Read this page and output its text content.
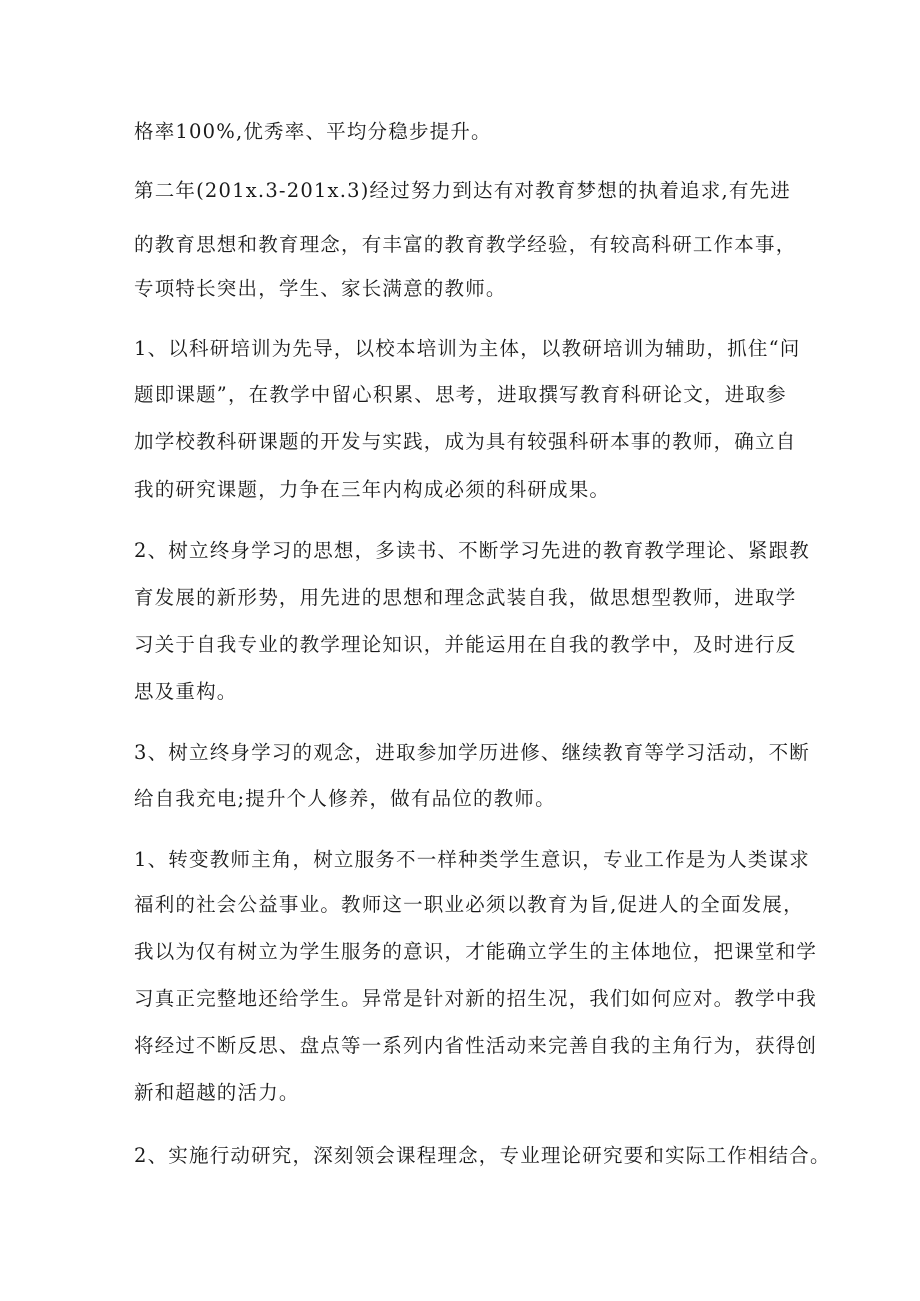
格率100%,优秀率、平均分稳步提升。
第二年(201x.3-201x.3)经过努力到达有对教育梦想的执着追求,有先进
的教育思想和教育理念，有丰富的教育教学经验，有较高科研工作本事，
专项特长突出，学生、家长满意的教师。
1、以科研培训为先导，以校本培训为主体，以教研培训为辅助，抓住“问
题即课题”，在教学中留心积累、思考，进取撰写教育科研论文，进取参
加学校教科研课题的开发与实践，成为具有较强科研本事的教师，确立自
我的研究课题，力争在三年内构成必须的科研成果。
2、树立终身学习的思想，多读书、不断学习先进的教育教学理论、紧跟教
育发展的新形势，用先进的思想和理念武装自我，做思想型教师，进取学
习关于自我专业的教学理论知识，并能运用在自我的教学中，及时进行反
思及重构。
3、树立终身学习的观念，进取参加学历进修、继续教育等学习活动，不断
给自我充电;提升个人修养，做有品位的教师。
1、转变教师主角，树立服务不一样种类学生意识，专业工作是为人类谋求
福利的社会公益事业。教师这一职业必须以教育为旨,促进人的全面发展，
我以为仅有树立为学生服务的意识，才能确立学生的主体地位，把课堂和学
习真正完整地还给学生。异常是针对新的招生况，我们如何应对。教学中我
将经过不断反思、盘点等一系列内省性活动来完善自我的主角行为，获得创
新和超越的活力。
2、实施行动研究，深刻领会课程理念，专业理论研究要和实际工作相结合。
